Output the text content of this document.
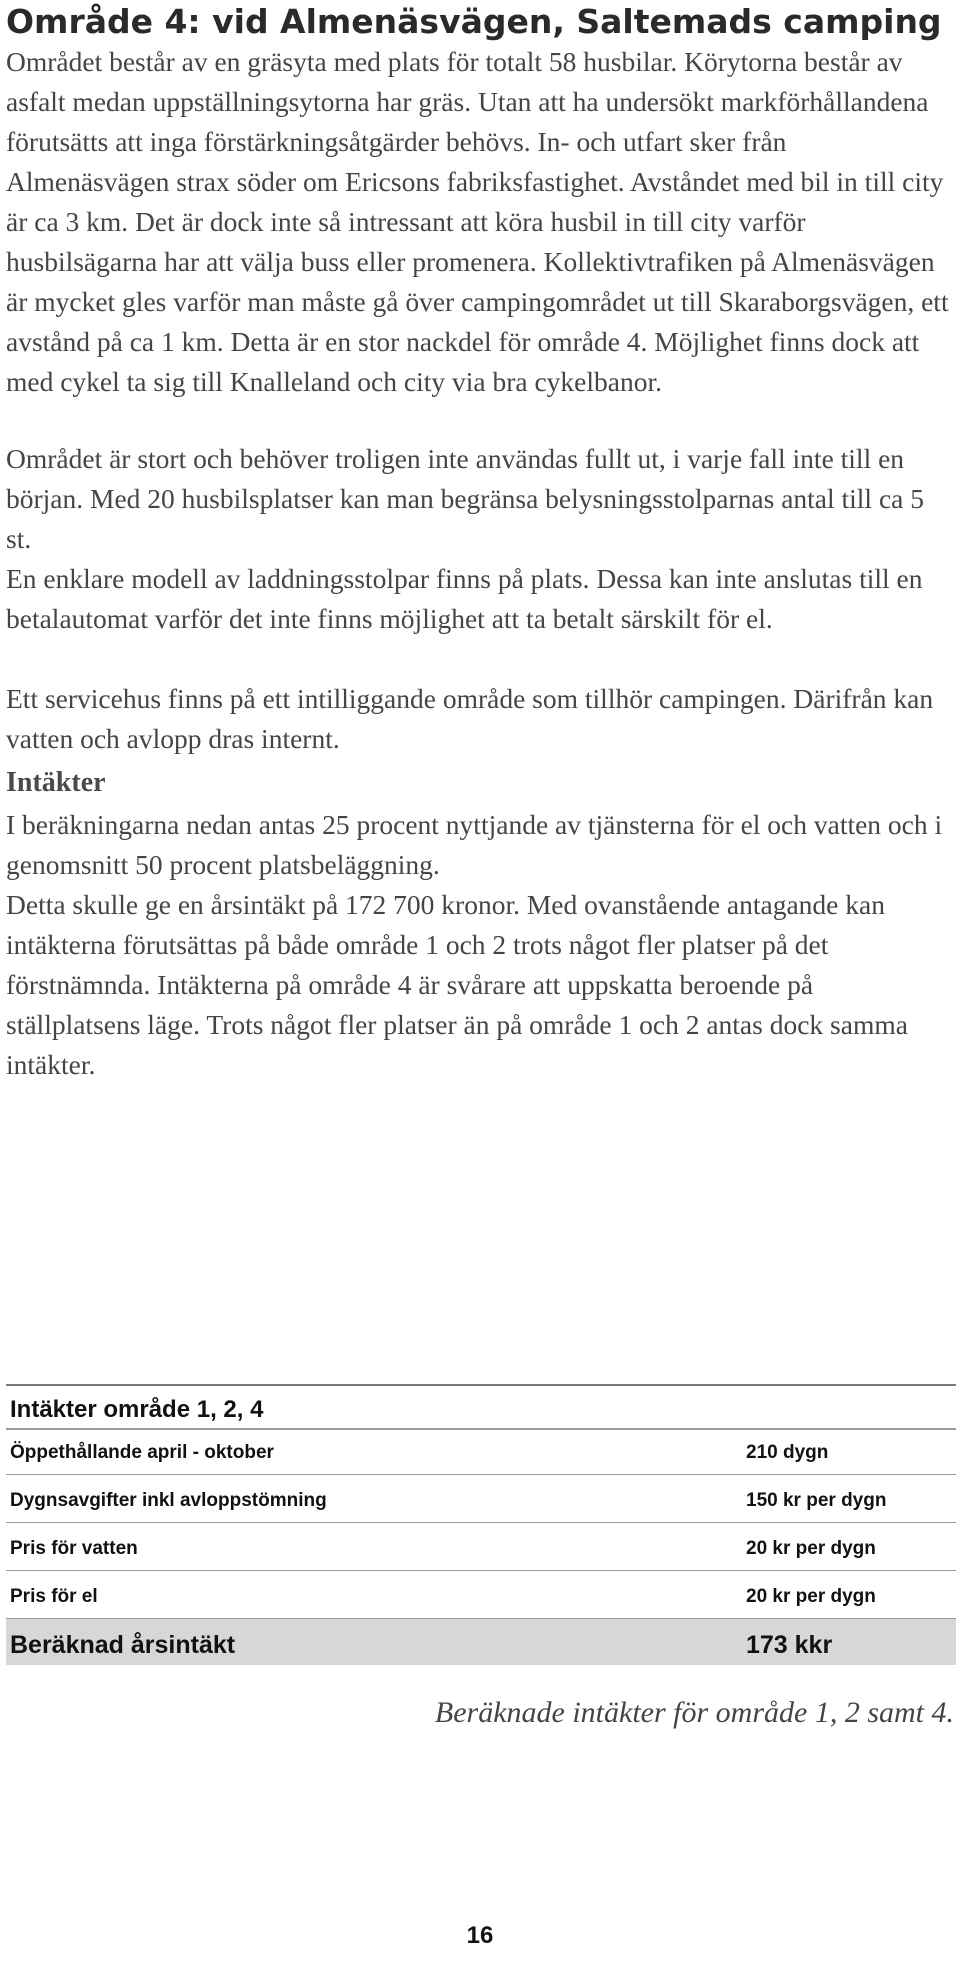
Område 4: vid Almenäsvägen, Saltemads camping

Området består av en gräsyta med plats för totalt 58 husbilar. Körytorna består av asfalt medan uppställningsytorna har gräs. Utan att ha undersökt markförhållandena förutsätts att inga förstärkningsåtgärder behövs. In- och utfart sker från Almenäsvägen strax söder om Ericsons fabriksfastighet. Avståndet med bil in till city är ca 3 km. Det är dock inte så intressant att köra husbil in till city varför husbilsägarna har att välja buss eller promenera. Kollektivtrafiken på Almenäsvägen är mycket gles varför man måste gå över campingområdet ut till Skaraborgsvägen, ett avstånd på ca 1 km. Detta är en stor nackdel för område 4. Möjlighet finns dock att med cykel ta sig till Knalleland och city via bra cykelbanor.

Området är stort och behöver troligen inte användas fullt ut, i varje fall inte till en början. Med 20 husbilsplatser kan man begränsa belysningsstolparnas antal till ca 5 st.

En enklare modell av laddningsstolpar finns på plats. Dessa kan inte anslutas till en betalautomat varför det inte finns möjlighet att ta betalt särskilt för el.

Ett servicehus finns på ett intilliggande område som tillhör campingen. Därifrån kan vatten och avlopp dras internt.

Intäkter

I beräkningarna nedan antas 25 procent nyttjande av tjänsterna för el och vatten och i genomsnitt 50 procent platsbeläggning.

Detta skulle ge en årsintäkt på 172 700 kronor. Med ovanstående antagande kan intäkterna förutsättas på både område 1 och 2 trots något fler platser på det förstnämnda. Intäkterna på område 4 är svårare att uppskatta beroende på ställplatsens läge. Trots något fler platser än på område 1 och 2 antas dock samma intäkter.

Intäkter område 1, 2, 4
Öppethållande april - oktober	210 dygn
Dygnsavgifter inkl avloppstömning	150 kr per dygn
Pris för vatten	20 kr per dygn
Pris för el	20 kr per dygn
Beräknad årsintäkt	173 kkr
Beräknade intäkter för område 1, 2 samt 4.
16
